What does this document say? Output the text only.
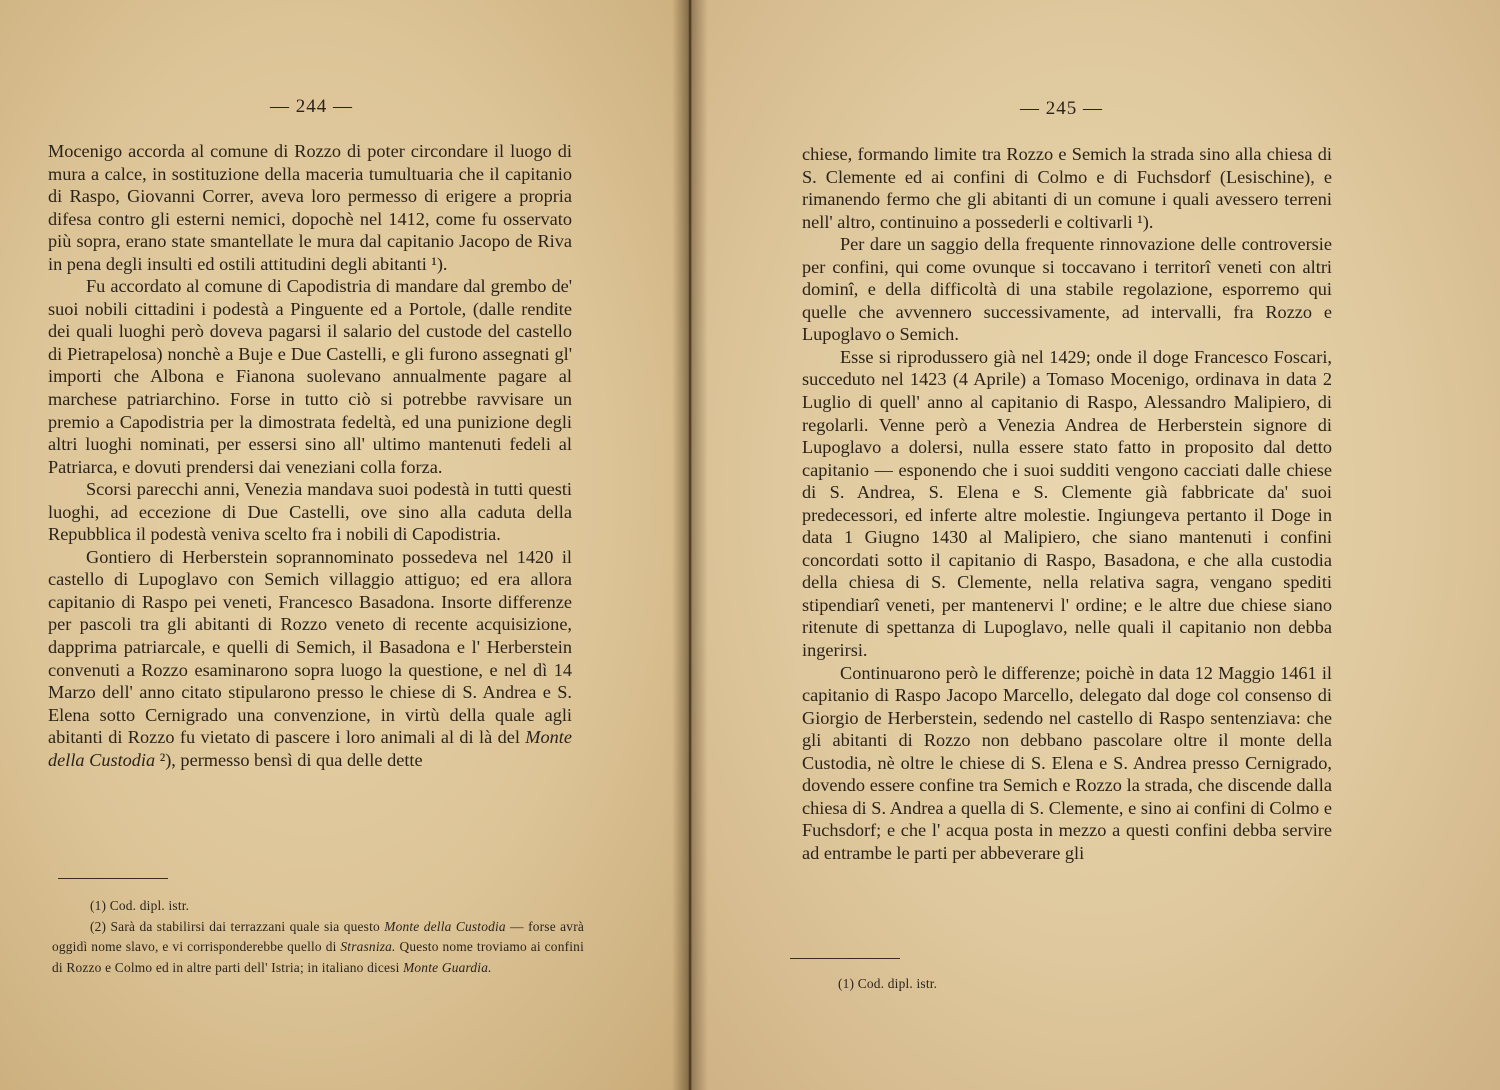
— 244 —

Mocenigo accorda al comune di Rozzo di poter circondare il luogo di mura a calce, in sostituzione della maceria tumultuaria che il capitanio di Raspo, Giovanni Correr, aveva loro permesso di erigere a propria difesa contro gli esterni nemici, dopochè nel 1412, come fu osservato più sopra, erano state smantellate le mura dal capitanio Jacopo de Riva in pena degli insulti ed ostili attitudini degli abitanti ¹).

Fu accordato al comune di Capodistria di mandare dal grembo de' suoi nobili cittadini i podestà a Pinguente ed a Portole, (dalle rendite dei quali luoghi però doveva pagarsi il salario del custode del castello di Pietrapelosa) nonchè a Buje e Due Castelli, e gli furono assegnati gl' importi che Albona e Fianona suolevano annualmente pagare al marchese patriarchino. Forse in tutto ciò si potrebbe ravvisare un premio a Capodistria per la dimostrata fedeltà, ed una punizione degli altri luoghi nominati, per essersi sino all' ultimo mantenuti fedeli al Patriarca, e dovuti prendersi dai veneziani colla forza.

Scorsi parecchi anni, Venezia mandava suoi podestà in tutti questi luoghi, ad eccezione di Due Castelli, ove sino alla caduta della Repubblica il podestà veniva scelto fra i nobili di Capodistria.

Gontiero di Herberstein soprannominato possedeva nel 1420 il castello di Lupoglavo con Semich villaggio attiguo; ed era allora capitanio di Raspo pei veneti, Francesco Basadona. Insorte differenze per pascoli tra gli abitanti di Rozzo veneto di recente acquisizione, dapprima patriarcale, e quelli di Semich, il Basadona e l' Herberstein convenuti a Rozzo esaminarono sopra luogo la questione, e nel dì 14 Marzo dell' anno citato stipularono presso le chiese di S. Andrea e S. Elena sotto Cernigrado una convenzione, in virtù della quale agli abitanti di Rozzo fu vietato di pascere i loro animali al di là del Monte della Custodia ²), permesso bensì di qua delle dette

(1) Cod. dipl. istr.

(2) Sarà da stabilirsi dai terrazzani quale sia questo Monte della Custodia — forse avrà oggidì nome slavo, e vi corrisponderebbe quello di Strasniza. Questo nome troviamo ai confini di Rozzo e Colmo ed in altre parti dell' Istria; in italiano dicesi Monte Guardia.

— 245 —

chiese, formando limite tra Rozzo e Semich la strada sino alla chiesa di S. Clemente ed ai confini di Colmo e di Fuchsdorf (Lesischine), e rimanendo fermo che gli abitanti di un comune i quali avessero terreni nell' altro, continuino a possederli e coltivarli ¹).

Per dare un saggio della frequente rinnovazione delle controversie per confini, qui come ovunque si toccavano i territorî veneti con altri dominî, e della difficoltà di una stabile regolazione, esporremo qui quelle che avvennero successivamente, ad intervalli, fra Rozzo e Lupoglavo o Semich.

Esse si riprodussero già nel 1429; onde il doge Francesco Foscari, succeduto nel 1423 (4 Aprile) a Tomaso Mocenigo, ordinava in data 2 Luglio di quell' anno al capitanio di Raspo, Alessandro Malipiero, di regolarli. Venne però a Venezia Andrea de Herberstein signore di Lupoglavo a dolersi, nulla essere stato fatto in proposito dal detto capitanio — esponendo che i suoi sudditi vengono cacciati dalle chiese di S. Andrea, S. Elena e S. Clemente già fabbricate da' suoi predecessori, ed inferte altre molestie. Ingiungeva pertanto il Doge in data 1 Giugno 1430 al Malipiero, che siano mantenuti i confini concordati sotto il capitanio di Raspo, Basadona, e che alla custodia della chiesa di S. Clemente, nella relativa sagra, vengano spediti stipendiarî veneti, per mantenervi l' ordine; e le altre due chiese siano ritenute di spettanza di Lupoglavo, nelle quali il capitanio non debba ingerirsi.

Continuarono però le differenze; poichè in data 12 Maggio 1461 il capitanio di Raspo Jacopo Marcello, delegato dal doge col consenso di Giorgio de Herberstein, sedendo nel castello di Raspo sentenziava: che gli abitanti di Rozzo non debbano pascolare oltre il monte della Custodia, nè oltre le chiese di S. Elena e S. Andrea presso Cernigrado, dovendo essere confine tra Semich e Rozzo la strada, che discende dalla chiesa di S. Andrea a quella di S. Clemente, e sino ai confini di Colmo e Fuchsdorf; e che l' acqua posta in mezzo a questi confini debba servire ad entrambe le parti per abbeverare gli

(1) Cod. dipl. istr.
